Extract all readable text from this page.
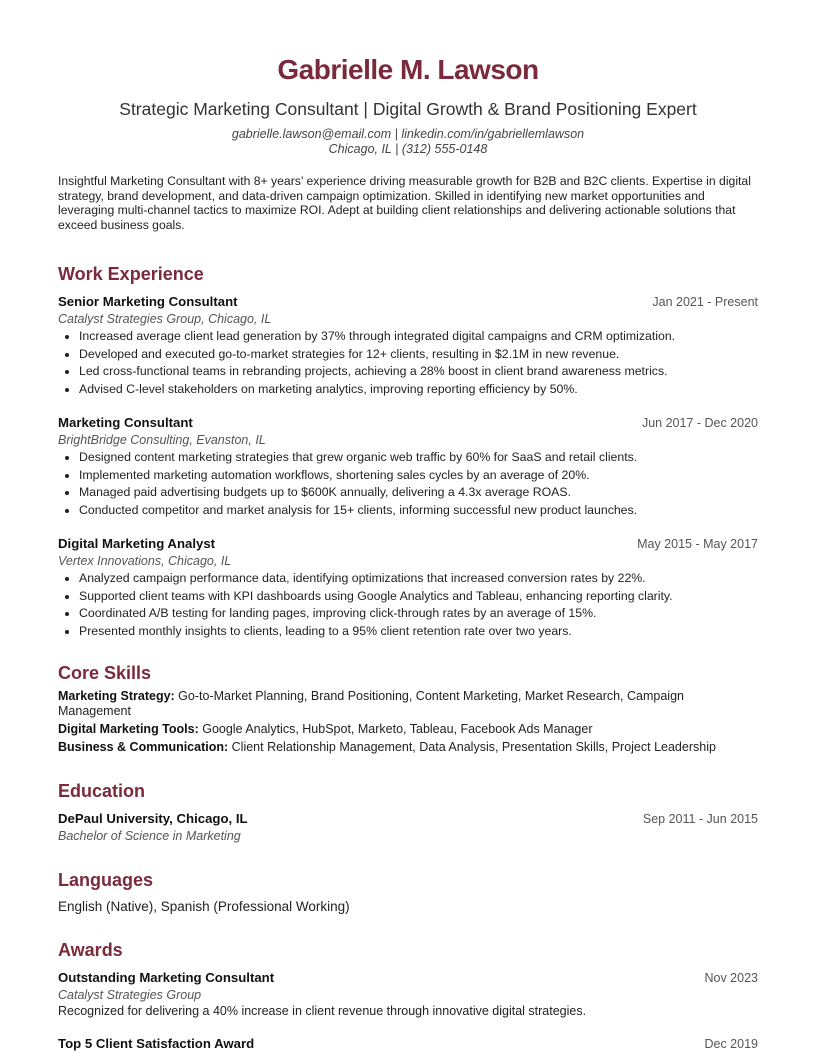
Gabrielle M. Lawson
Strategic Marketing Consultant | Digital Growth & Brand Positioning Expert
gabrielle.lawson@email.com | linkedin.com/in/gabriellemlawson
Chicago, IL | (312) 555-0148
Insightful Marketing Consultant with 8+ years’ experience driving measurable growth for B2B and B2C clients. Expertise in digital strategy, brand development, and data-driven campaign optimization. Skilled in identifying new market opportunities and leveraging multi-channel tactics to maximize ROI. Adept at building client relationships and delivering actionable solutions that exceed business goals.
Work Experience
Senior Marketing Consultant	Jan 2021 - Present
Catalyst Strategies Group, Chicago, IL
• Increased average client lead generation by 37% through integrated digital campaigns and CRM optimization.
• Developed and executed go-to-market strategies for 12+ clients, resulting in $2.1M in new revenue.
• Led cross-functional teams in rebranding projects, achieving a 28% boost in client brand awareness metrics.
• Advised C-level stakeholders on marketing analytics, improving reporting efficiency by 50%.
Marketing Consultant	Jun 2017 - Dec 2020
BrightBridge Consulting, Evanston, IL
• Designed content marketing strategies that grew organic web traffic by 60% for SaaS and retail clients.
• Implemented marketing automation workflows, shortening sales cycles by an average of 20%.
• Managed paid advertising budgets up to $600K annually, delivering a 4.3x average ROAS.
• Conducted competitor and market analysis for 15+ clients, informing successful new product launches.
Digital Marketing Analyst	May 2015 - May 2017
Vertex Innovations, Chicago, IL
• Analyzed campaign performance data, identifying optimizations that increased conversion rates by 22%.
• Supported client teams with KPI dashboards using Google Analytics and Tableau, enhancing reporting clarity.
• Coordinated A/B testing for landing pages, improving click-through rates by an average of 15%.
• Presented monthly insights to clients, leading to a 95% client retention rate over two years.
Core Skills
Marketing Strategy: Go-to-Market Planning, Brand Positioning, Content Marketing, Market Research, Campaign Management
Digital Marketing Tools: Google Analytics, HubSpot, Marketo, Tableau, Facebook Ads Manager
Business & Communication: Client Relationship Management, Data Analysis, Presentation Skills, Project Leadership
Education
DePaul University, Chicago, IL	Sep 2011 - Jun 2015
Bachelor of Science in Marketing
Languages
English (Native), Spanish (Professional Working)
Awards
Outstanding Marketing Consultant	Nov 2023
Catalyst Strategies Group
Recognized for delivering a 40% increase in client revenue through innovative digital strategies.
Top 5 Client Satisfaction Award	Dec 2019
